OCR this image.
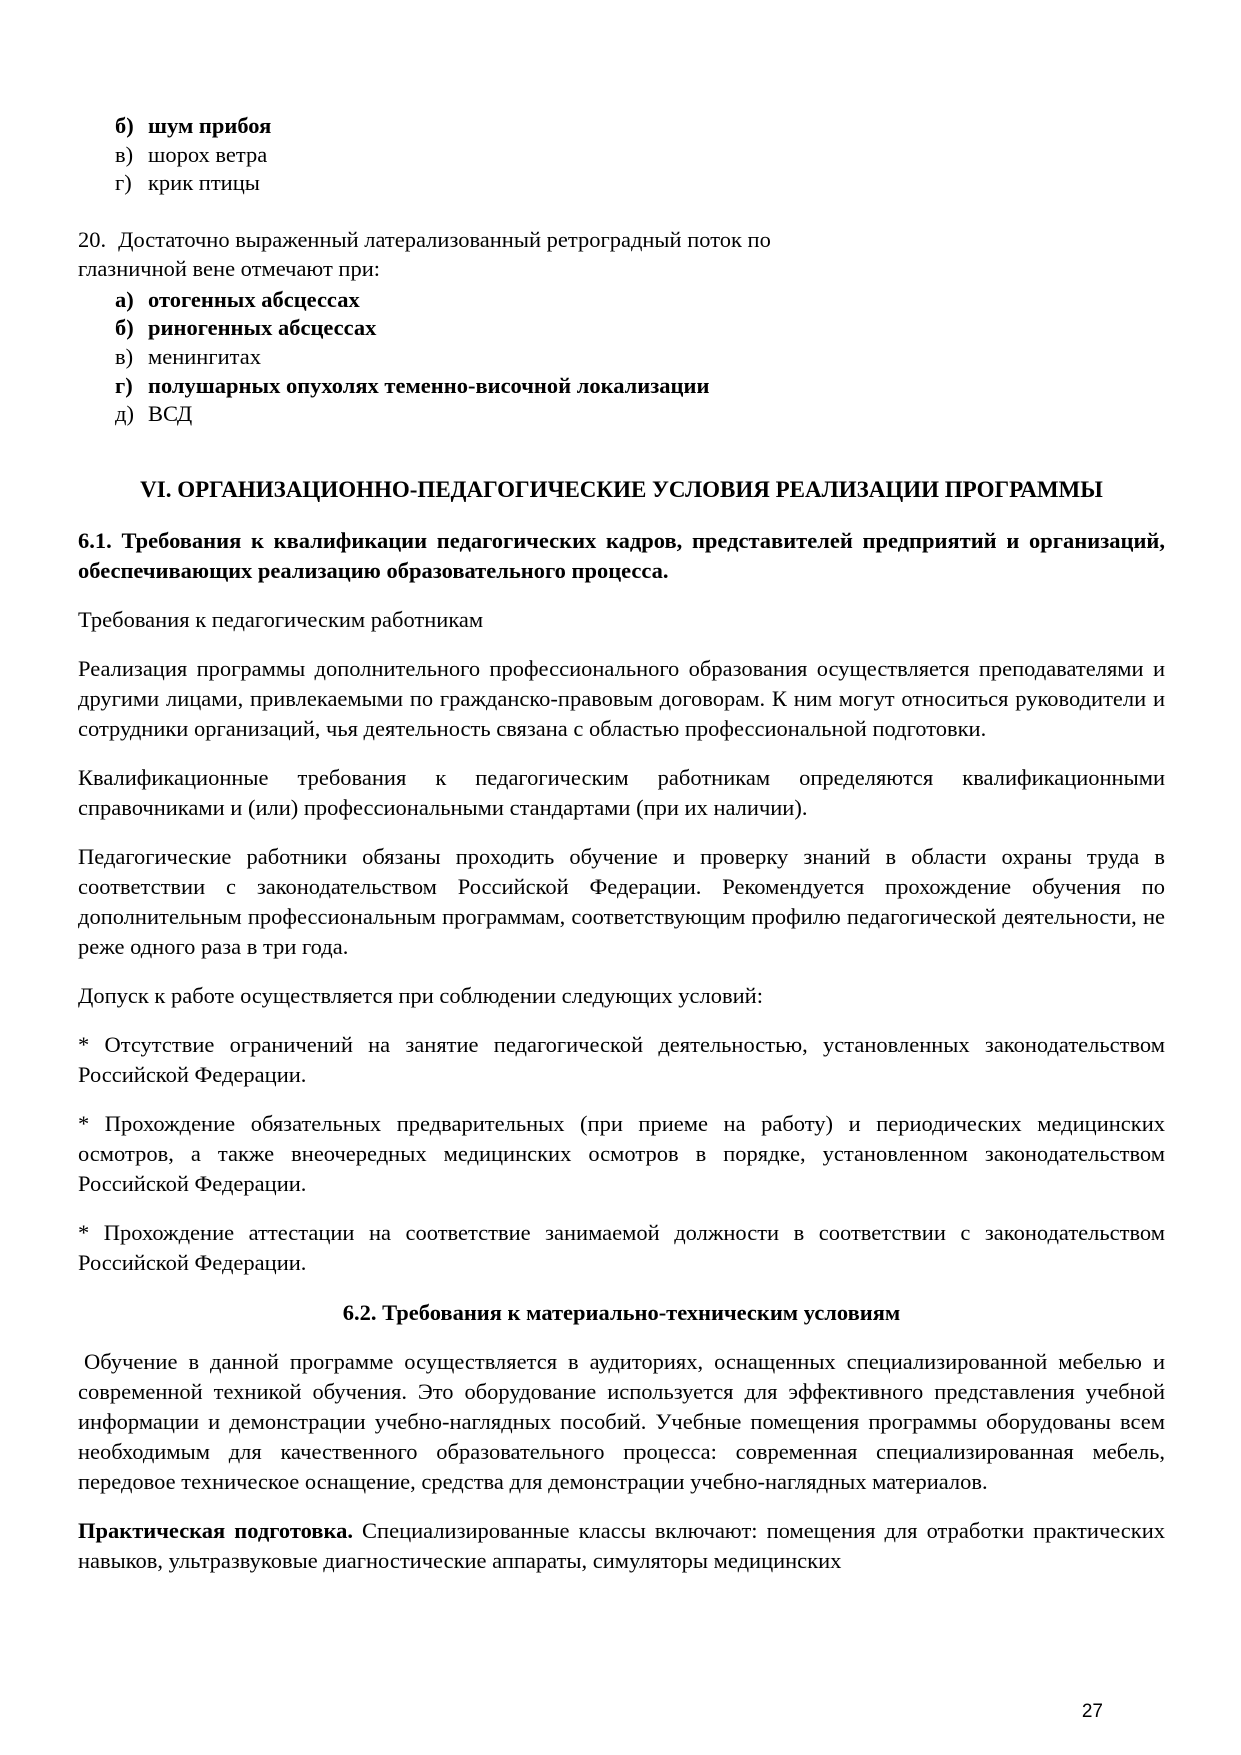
б) шум прибоя
в) шорох ветра
г) крик птицы

20. Достаточно выраженный латерализованный ретроградный поток по
глазничной вене отмечают при:

а) отогенных абсцессах
б) риногенных абсцессах
в) менингитах
г) полушарных опухолях теменно-височной локализации
д) ВСД
VI. ОРГАНИЗАЦИОННО-ПЕДАГОГИЧЕСКИЕ УСЛОВИЯ РЕАЛИЗАЦИИ ПРОГРАММЫ
6.1. Требования к квалификации педагогических кадров, представителей предприятий и организаций, обеспечивающих реализацию образовательного процесса.

Требования к педагогическим работникам

Реализация программы дополнительного профессионального образования осуществляется преподавателями и другими лицами, привлекаемыми по гражданско-правовым договорам. К ним могут относиться руководители и сотрудники организаций, чья деятельность связана с областью профессиональной подготовки.

Квалификационные требования к педагогическим работникам определяются квалификационными справочниками и (или) профессиональными стандартами (при их наличии).

Педагогические работники обязаны проходить обучение и проверку знаний в области охраны труда в соответствии с законодательством Российской Федерации. Рекомендуется прохождение обучения по дополнительным профессиональным программам, соответствующим профилю педагогической деятельности, не реже одного раза в три года.

Допуск к работе осуществляется при соблюдении следующих условий:

* Отсутствие ограничений на занятие педагогической деятельностью, установленных законодательством Российской Федерации.

* Прохождение обязательных предварительных (при приеме на работу) и периодических медицинских осмотров, а также внеочередных медицинских осмотров в порядке, установленном законодательством Российской Федерации.

* Прохождение аттестации на соответствие занимаемой должности в соответствии с законодательством Российской Федерации.

6.2. Требования к материально-техническим условиям

Обучение в данной программе осуществляется в аудиториях, оснащенных специализированной мебелью и современной техникой обучения. Это оборудование используется для эффективного представления учебной информации и демонстрации учебно-наглядных пособий. Учебные помещения программы оборудованы всем необходимым для качественного образовательного процесса: современная специализированная мебель, передовое техническое оснащение, средства для демонстрации учебно-наглядных материалов.

Практическая подготовка. Специализированные классы включают: помещения для отработки практических навыков, ультразвуковые диагностические аппараты, симуляторы медицинских

27
